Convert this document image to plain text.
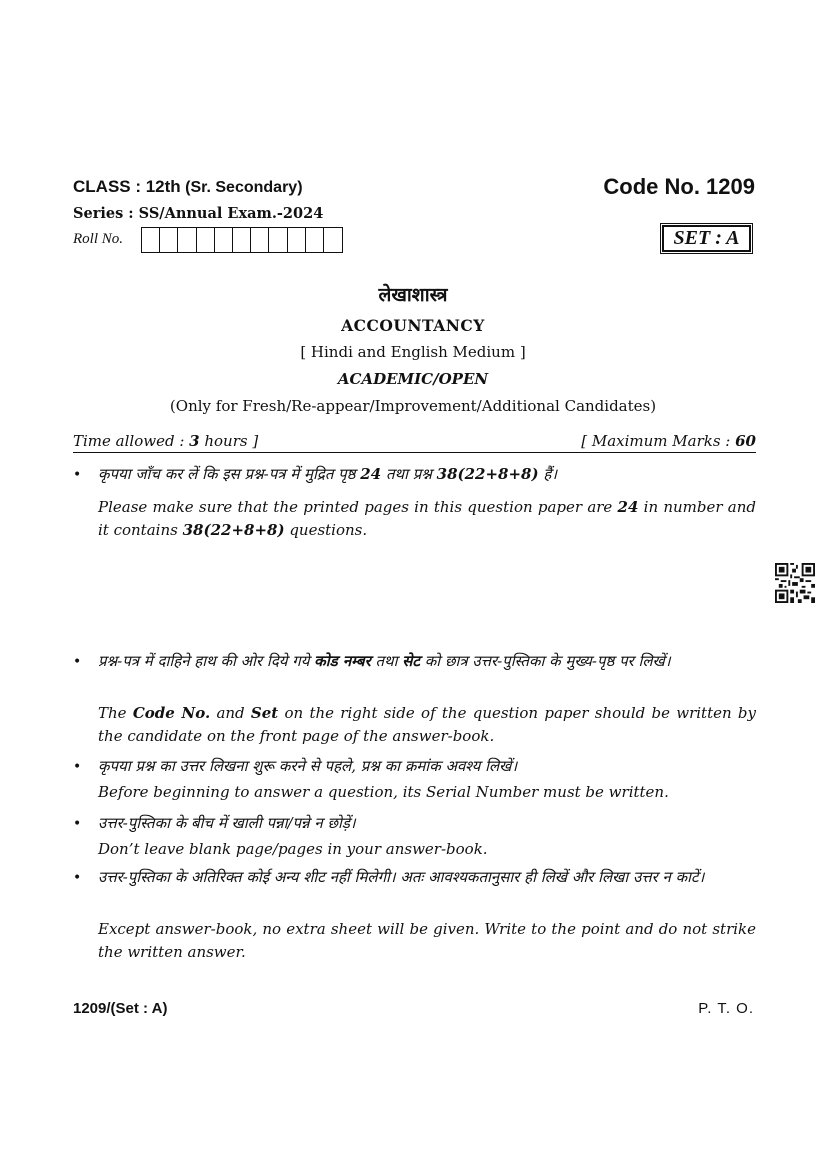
CLASS : 12th (Sr. Secondary)	Code No. 1209
Series : SS/Annual Exam.-2024
Roll No.	SET : A
लेखाशास्त्र
ACCOUNTANCY
[ Hindi and English Medium ]
ACADEMIC/OPEN
(Only for Fresh/Re-appear/Improvement/Additional Candidates)
Time allowed : 3 hours ]	[ Maximum Marks : 60
• कृपया जाँच कर लें कि इस प्रश्न-पत्र में मुद्रित पृष्ठ 24 तथा प्रश्न 38(22+8+8) हैं।
Please make sure that the printed pages in this question paper are 24 in number and it contains 38(22+8+8) questions.
• प्रश्न-पत्र में दाहिने हाथ की ओर दिये गये कोड नम्बर तथा सेट को छात्र उत्तर-पुस्तिका के मुख्य-पृष्ठ पर लिखें।
The Code No. and Set on the right side of the question paper should be written by the candidate on the front page of the answer-book.
• कृपया प्रश्न का उत्तर लिखना शुरू करने से पहले, प्रश्न का क्रमांक अवश्य लिखें।
Before beginning to answer a question, its Serial Number must be written.
• उत्तर-पुस्तिका के बीच में खाली पन्ना/पन्ने न छोड़ें।
Don’t leave blank page/pages in your answer-book.
• उत्तर-पुस्तिका के अतिरिक्त कोई अन्य शीट नहीं मिलेगी। अतः आवश्यकतानुसार ही लिखें और लिखा उत्तर न काटें।
Except answer-book, no extra sheet will be given. Write to the point and do not strike the written answer.
1209/(Set : A)	P. T. O.
